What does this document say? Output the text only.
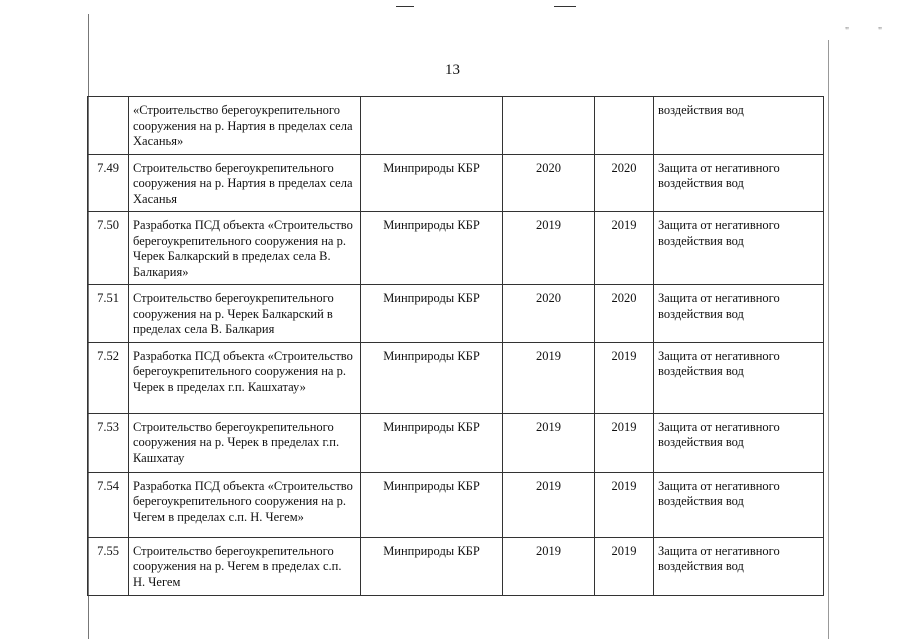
"	"
13
	«Строительство берегоукрепительного сооружения на р. Нартия в пределах села Хасанья»				воздействия вод
7.49	Строительство берегоукрепительного сооружения на р. Нартия в пределах села Хасанья	Минприроды КБР	2020	2020	Защита от негативного воздействия вод
7.50	Разработка ПСД объекта «Строительство берегоукрепительного сооружения на р. Черек Балкарский в пределах села В. Балкария»	Минприроды КБР	2019	2019	Защита от негативного воздействия вод
7.51	Строительство берегоукрепительного сооружения на р. Черек Балкарский в пределах села В. Балкария	Минприроды КБР	2020	2020	Защита от негативного воздействия вод
7.52	Разработка ПСД объекта «Строительство берегоукрепительного сооружения на р. Черек в пределах г.п. Кашхатау»	Минприроды КБР	2019	2019	Защита от негативного воздействия вод
7.53	Строительство берегоукрепительного сооружения на р. Черек в пределах г.п. Кашхатау	Минприроды КБР	2019	2019	Защита от негативного воздействия вод
7.54	Разработка ПСД объекта «Строительство берегоукрепительного сооружения на р. Чегем в пределах с.п. Н. Чегем»	Минприроды КБР	2019	2019	Защита от негативного воздействия вод
7.55	Строительство берегоукрепительного сооружения на р. Чегем в пределах с.п. Н. Чегем	Минприроды КБР	2019	2019	Защита от негативного воздействия вод
